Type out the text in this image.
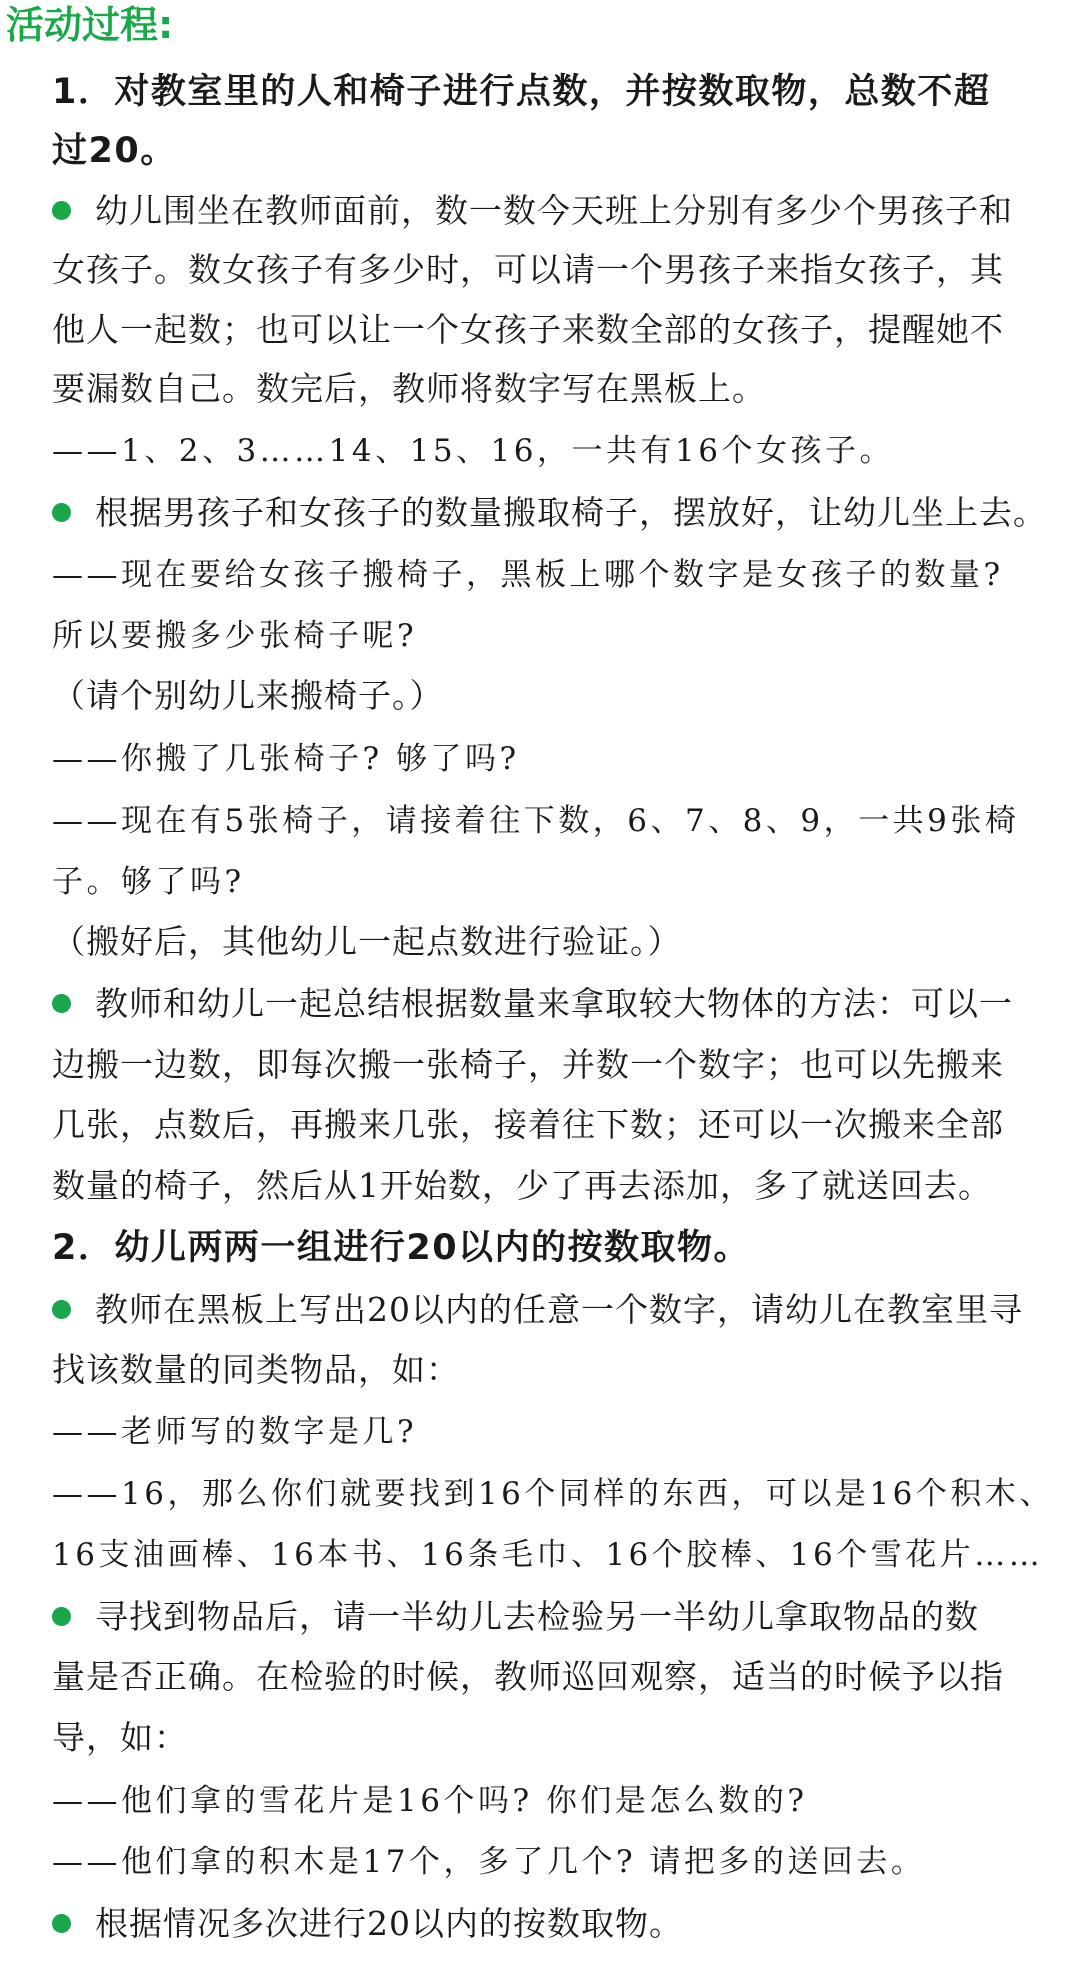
活动过程:
1．对教室里的人和椅子进行点数，并按数取物，总数不超
过20。
幼儿围坐在教师面前，数一数今天班上分别有多少个男孩子和
女孩子。数女孩子有多少时，可以请一个男孩子来指女孩子，其
他人一起数；也可以让一个女孩子来数全部的女孩子，提醒她不
要漏数自己。数完后，教师将数字写在黑板上。
——1、2、3……14、15、16，一共有16个女孩子。
根据男孩子和女孩子的数量搬取椅子，摆放好，让幼儿坐上去。
——现在要给女孩子搬椅子，黑板上哪个数字是女孩子的数量?
所以要搬多少张椅子呢?
（请个别幼儿来搬椅子。）
——你搬了几张椅子? 够了吗?
——现在有5张椅子，请接着往下数，6、7、8、9，一共9张椅
子。够了吗?
（搬好后，其他幼儿一起点数进行验证。）
教师和幼儿一起总结根据数量来拿取较大物体的方法：可以一
边搬一边数，即每次搬一张椅子，并数一个数字；也可以先搬来
几张，点数后，再搬来几张，接着往下数；还可以一次搬来全部
数量的椅子，然后从1开始数，少了再去添加，多了就送回去。
2．幼儿两两一组进行20以内的按数取物。
教师在黑板上写出20以内的任意一个数字，请幼儿在教室里寻
找该数量的同类物品，如：
——老师写的数字是几?
——16，那么你们就要找到16个同样的东西，可以是16个积木、
16支油画棒、16本书、16条毛巾、16个胶棒、16个雪花片……
寻找到物品后，请一半幼儿去检验另一半幼儿拿取物品的数
量是否正确。在检验的时候，教师巡回观察，适当的时候予以指
导，如：
——他们拿的雪花片是16个吗? 你们是怎么数的?
——他们拿的积木是17个，多了几个? 请把多的送回去。
根据情况多次进行20以内的按数取物。
